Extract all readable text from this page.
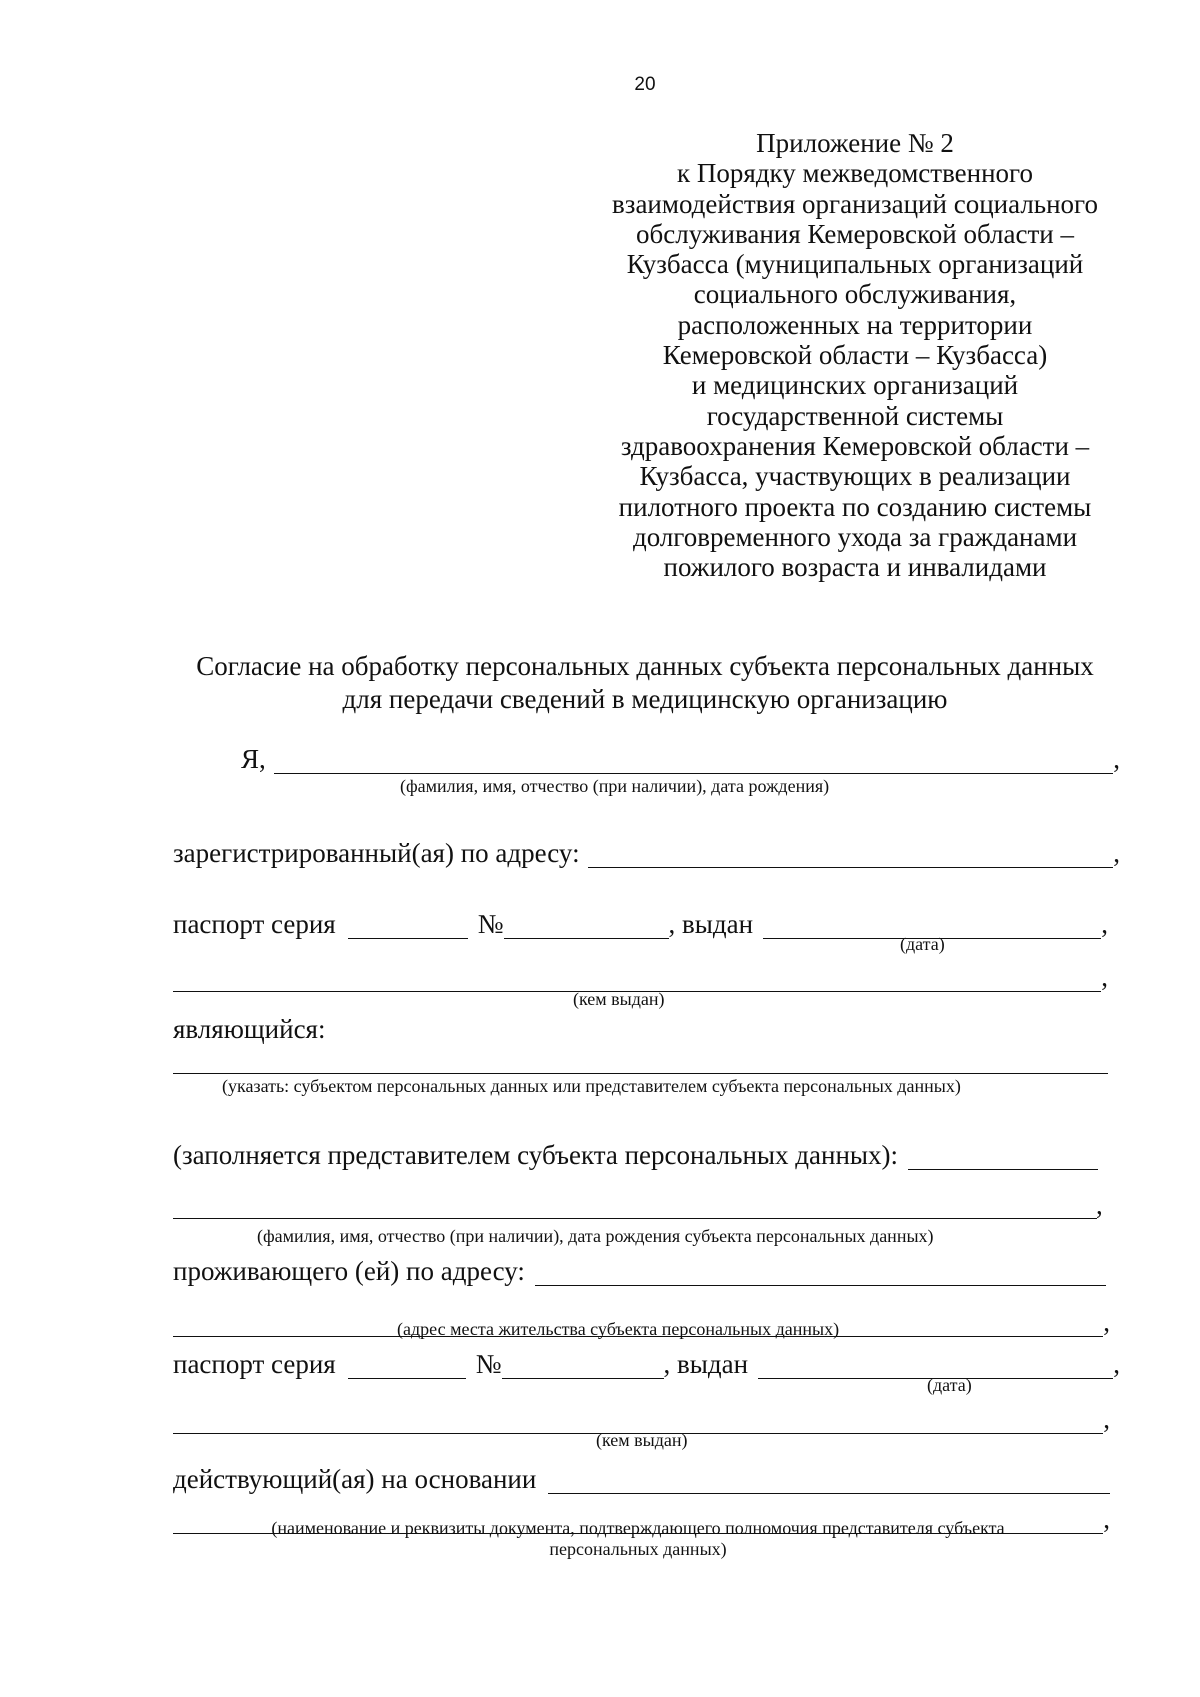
20
Приложение № 2
к Порядку межведомственного
взаимодействия организаций социального
обслуживания Кемеровской области –
Кузбасса (муниципальных организаций
социального обслуживания,
расположенных на территории
Кемеровской области – Кузбасса)
и медицинских организаций
государственной системы
здравоохранения Кемеровской области –
Кузбасса, участвующих в реализации
пилотного проекта по созданию системы
долговременного ухода за гражданами
пожилого возраста и инвалидами
Согласие на обработку персональных данных субъекта персональных данных
для передачи сведений в медицинскую организацию
Я,	,
(фамилия, имя, отчество (при наличии), дата рождения)
зарегистрированный(ая) по адресу:	,
паспорт серия	№	, выдан	,
(дата)
,
(кем выдан)
являющийся:
(указать: субъектом персональных данных или представителем субъекта персональных данных)
(заполняется представителем субъекта персональных данных):
,
(фамилия, имя, отчество (при наличии), дата рождения субъекта персональных данных)
проживающего (ей) по адресу:
,
(адрес места жительства субъекта персональных данных)
паспорт серия	№	, выдан	,
(дата)
,
(кем выдан)
действующий(ая) на основании
,
(наименование и реквизиты документа, подтверждающего полномочия представителя субъекта
персональных данных)
